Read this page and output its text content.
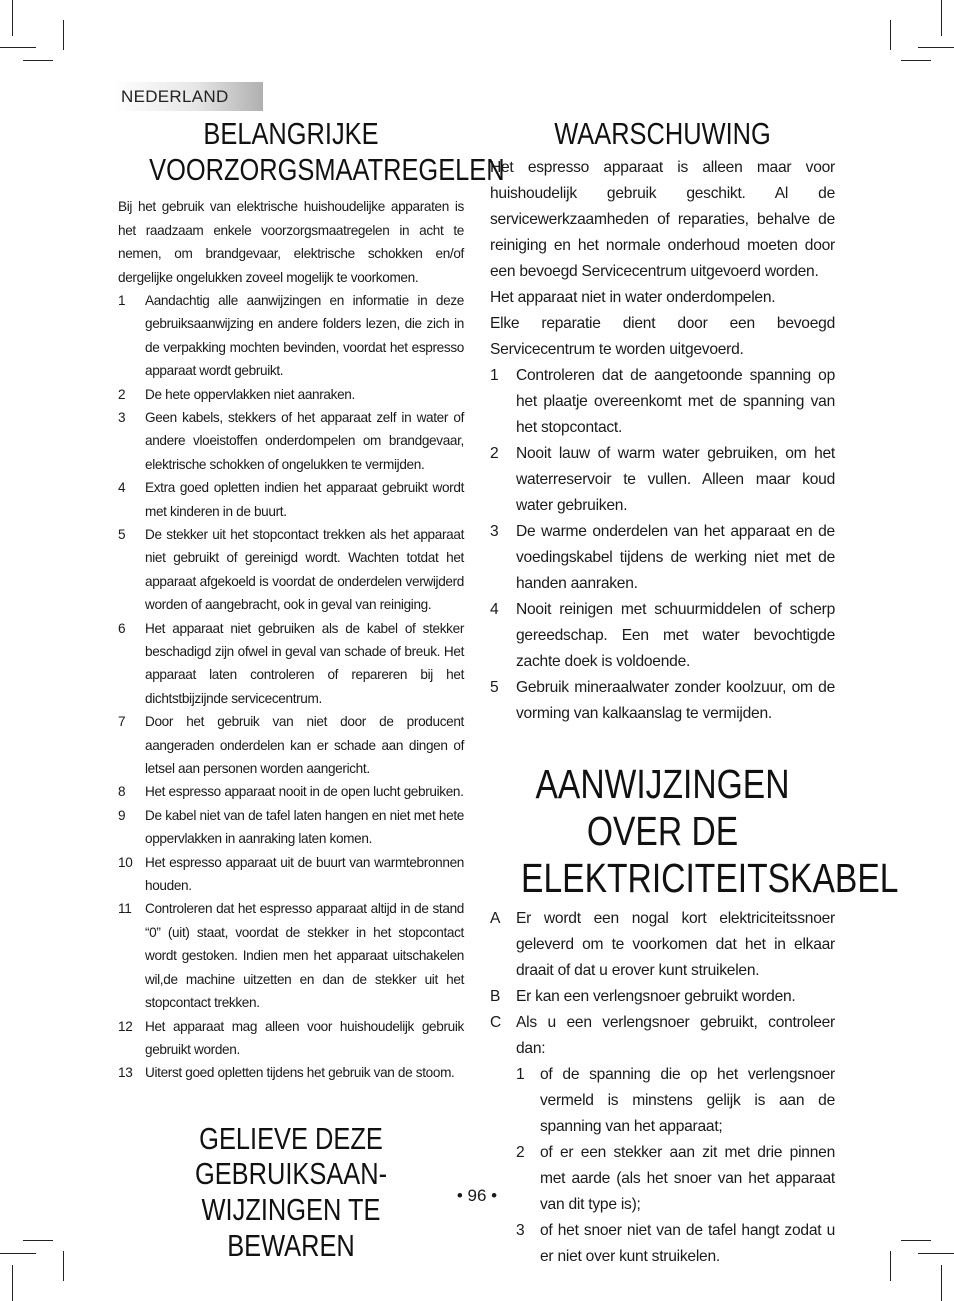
NEDERLAND
BELANGRIJKE
VOORZORGSMAATREGELEN

Bij het gebruik van elektrische huishoudelijke apparaten is het raadzaam enkele voorzorgsmaatregelen in acht te nemen, om brandgevaar, elektrische schokken en/of dergelijke ongelukken zoveel mogelijk te voorkomen.

1 Aandachtig alle aanwijzingen en informatie in deze gebruiksaanwijzing en andere folders lezen, die zich in de verpakking mochten bevinden, voordat het espresso apparaat wordt gebruikt.
2 De hete oppervlakken niet aanraken.
3 Geen kabels, stekkers of het apparaat zelf in water of andere vloeistoffen onderdompelen om brandgevaar, elektrische schokken of ongelukken te vermijden.
4 Extra goed opletten indien het apparaat gebruikt wordt met kinderen in de buurt.
5 De stekker uit het stopcontact trekken als het apparaat niet gebruikt of gereinigd wordt. Wachten totdat het apparaat afgekoeld is voordat de onderdelen verwijderd worden of aangebracht, ook in geval van reiniging.
6 Het apparaat niet gebruiken als de kabel of stekker beschadigd zijn ofwel in geval van schade of breuk. Het apparaat laten controleren of repareren bij het dichtstbijzijnde servicecentrum.
7 Door het gebruik van niet door de producent aangeraden onderdelen kan er schade aan dingen of letsel aan personen worden aangericht.
8 Het espresso apparaat nooit in de open lucht gebruiken.
9 De kabel niet van de tafel laten hangen en niet met hete oppervlakken in aanraking laten komen.
10 Het espresso apparaat uit de buurt van warmtebronnen houden.
11 Controleren dat het espresso apparaat altijd in de stand “0” (uit) staat, voordat de stekker in het stopcontact wordt gestoken. Indien men het apparaat uitschakelen wil,de machine uitzetten en dan de stekker uit het stopcontact trekken.
12 Het apparaat mag alleen voor huishoudelijk gebruik gebruikt worden.
13 Uiterst goed opletten tijdens het gebruik van de stoom.
GELIEVE DEZE GEBRUIKSAAN-
WIJZINGEN TE BEWAREN
WAARSCHUWING

Het espresso apparaat is alleen maar voor huishoudelijk gebruik geschikt. Al de servicewerkzaamheden of reparaties, behalve de reiniging en het normale onderhoud moeten door een bevoegd Servicecentrum uitgevoerd worden.

Het apparaat niet in water onderdompelen.

Elke reparatie dient door een bevoegd Servicecentrum te worden uitgevoerd.

1 Controleren dat de aangetoonde spanning op het plaatje overeenkomt met de spanning van het stopcontact.
2 Nooit lauw of warm water gebruiken, om het waterreservoir te vullen. Alleen maar koud water gebruiken.
3 De warme onderdelen van het apparaat en de voedingskabel tijdens de werking niet met de handen aanraken.
4 Nooit reinigen met schuurmiddelen of scherp gereedschap. Een met water bevochtigde zachte doek is voldoende.
5 Gebruik mineraalwater zonder koolzuur, om de vorming van kalkaanslag te vermijden.
AANWIJZINGEN OVER DE
ELEKTRICITEITSKABEL
A Er wordt een nogal kort elektriciteitssnoer geleverd om te voorkomen dat het in elkaar draait of dat u erover kunt struikelen.
B Er kan een verlengsnoer gebruikt worden.
C Als u een verlengsnoer gebruikt, controleer dan:
1 of de spanning die op het verlengsnoer vermeld is minstens gelijk is aan de spanning van het apparaat;
2 of er een stekker aan zit met drie pinnen met aarde (als het snoer van het apparaat van dit type is);
3 of het snoer niet van de tafel hangt zodat u er niet over kunt struikelen.
• 96 •
